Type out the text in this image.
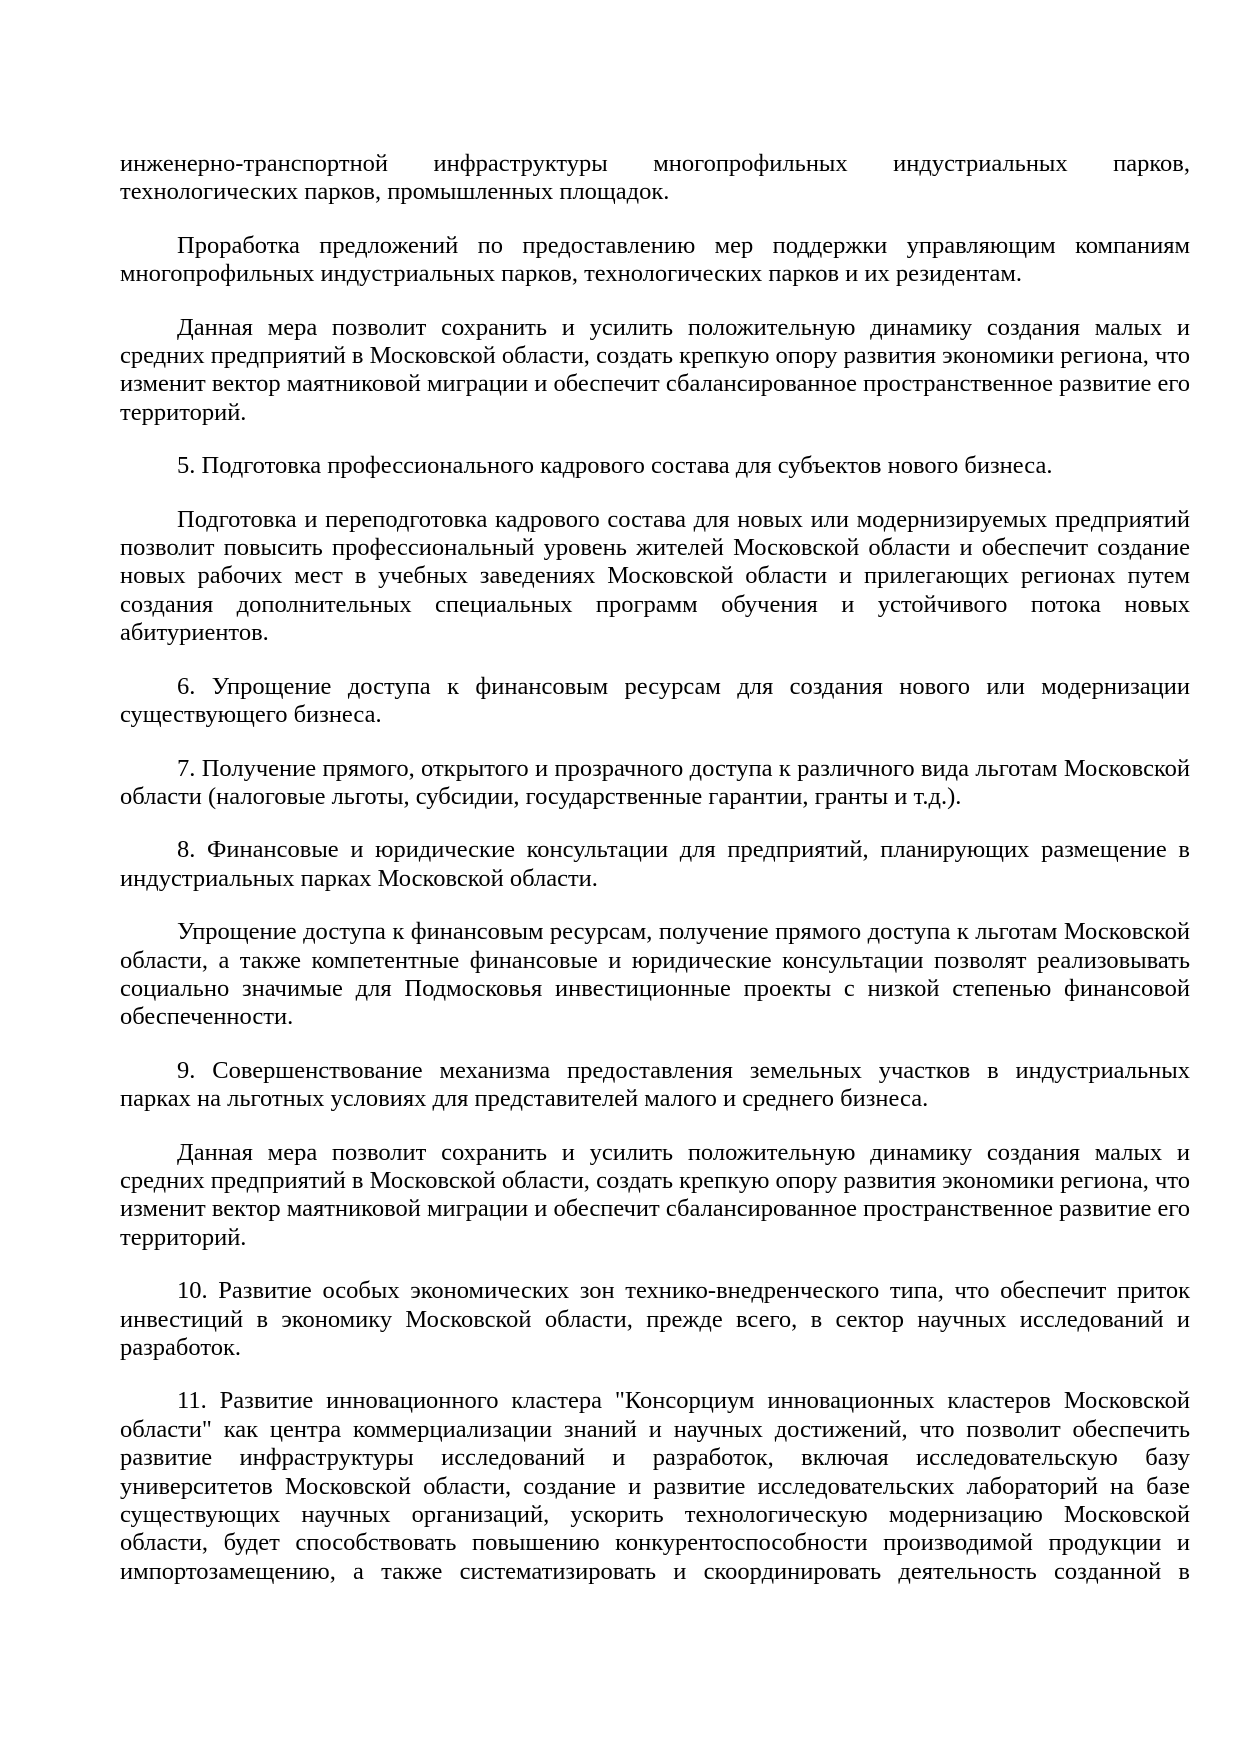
инженерно-транспортной инфраструктуры многопрофильных индустриальных парков, технологических парков, промышленных площадок.

Проработка предложений по предоставлению мер поддержки управляющим компаниям многопрофильных индустриальных парков, технологических парков и их резидентам.

Данная мера позволит сохранить и усилить положительную динамику создания малых и средних предприятий в Московской области, создать крепкую опору развития экономики региона, что изменит вектор маятниковой миграции и обеспечит сбалансированное пространственное развитие его территорий.

5. Подготовка профессионального кадрового состава для субъектов нового бизнеса.

Подготовка и переподготовка кадрового состава для новых или модернизируемых предприятий позволит повысить профессиональный уровень жителей Московской области и обеспечит создание новых рабочих мест в учебных заведениях Московской области и прилегающих регионах путем создания дополнительных специальных программ обучения и устойчивого потока новых абитуриентов.

6. Упрощение доступа к финансовым ресурсам для создания нового или модернизации существующего бизнеса.

7. Получение прямого, открытого и прозрачного доступа к различного вида льготам Московской области (налоговые льготы, субсидии, государственные гарантии, гранты и т.д.).

8. Финансовые и юридические консультации для предприятий, планирующих размещение в индустриальных парках Московской области.

Упрощение доступа к финансовым ресурсам, получение прямого доступа к льготам Московской области, а также компетентные финансовые и юридические консультации позволят реализовывать социально значимые для Подмосковья инвестиционные проекты с низкой степенью финансовой обеспеченности.

9. Совершенствование механизма предоставления земельных участков в индустриальных парках на льготных условиях для представителей малого и среднего бизнеса.

Данная мера позволит сохранить и усилить положительную динамику создания малых и средних предприятий в Московской области, создать крепкую опору развития экономики региона, что изменит вектор маятниковой миграции и обеспечит сбалансированное пространственное развитие его территорий.

10. Развитие особых экономических зон технико-внедренческого типа, что обеспечит приток инвестиций в экономику Московской области, прежде всего, в сектор научных исследований и разработок.

11. Развитие инновационного кластера "Консорциум инновационных кластеров Московской области" как центра коммерциализации знаний и научных достижений, что позволит обеспечить развитие инфраструктуры исследований и разработок, включая исследовательскую базу университетов Московской области, создание и развитие исследовательских лабораторий на базе существующих научных организаций, ускорить технологическую модернизацию Московской области, будет способствовать повышению конкурентоспособности производимой продукции и импортозамещению, а также систематизировать и скоординировать деятельность созданной в
